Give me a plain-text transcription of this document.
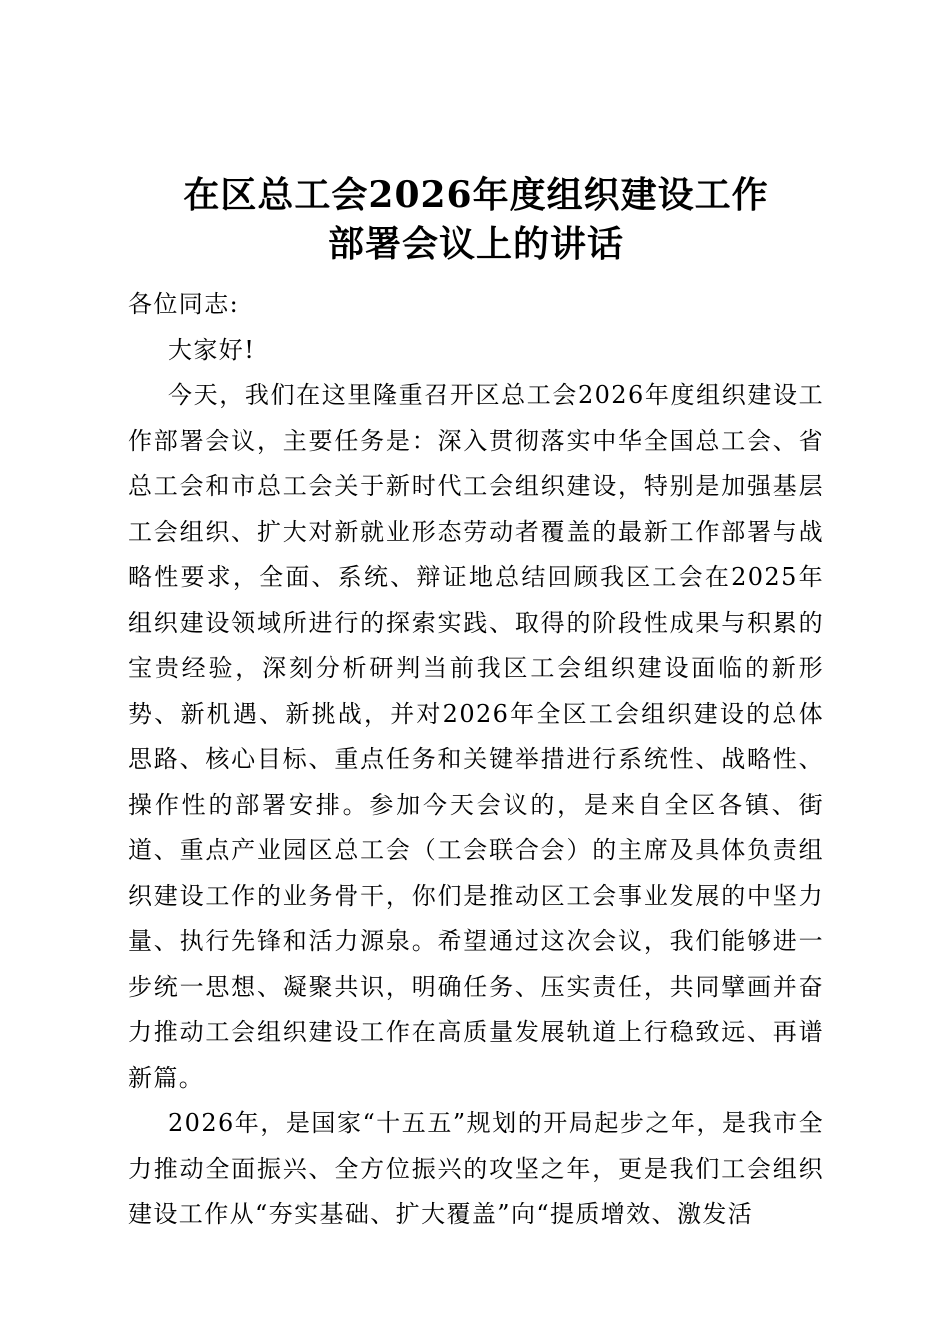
在区总工会2026年度组织建设工作
部署会议上的讲话

各位同志:

大家好!

今天，我们在这里隆重召开区总工会2026年度组织建设工作部署会议，主要任务是：深入贯彻落实中华全国总工会、省总工会和市总工会关于新时代工会组织建设，特别是加强基层工会组织、扩大对新就业形态劳动者覆盖的最新工作部署与战略性要求，全面、系统、辩证地总结回顾我区工会在2025年组织建设领域所进行的探索实践、取得的阶段性成果与积累的宝贵经验，深刻分析研判当前我区工会组织建设面临的新形势、新机遇、新挑战，并对2026年全区工会组织建设的总体思路、核心目标、重点任务和关键举措进行系统性、战略性、操作性的部署安排。参加今天会议的，是来自全区各镇、街道、重点产业园区总工会（工会联合会）的主席及具体负责组织建设工作的业务骨干，你们是推动区工会事业发展的中坚力量、执行先锋和活力源泉。希望通过这次会议，我们能够进一步统一思想、凝聚共识，明确任务、压实责任，共同擘画并奋力推动工会组织建设工作在高质量发展轨道上行稳致远、再谱新篇。

2026年，是国家“十五五”规划的开局起步之年，是我市全力推动全面振兴、全方位振兴的攻坚之年，更是我们工会组织建设工作从“夯实基础、扩大覆盖”向“提质增效、激发活
